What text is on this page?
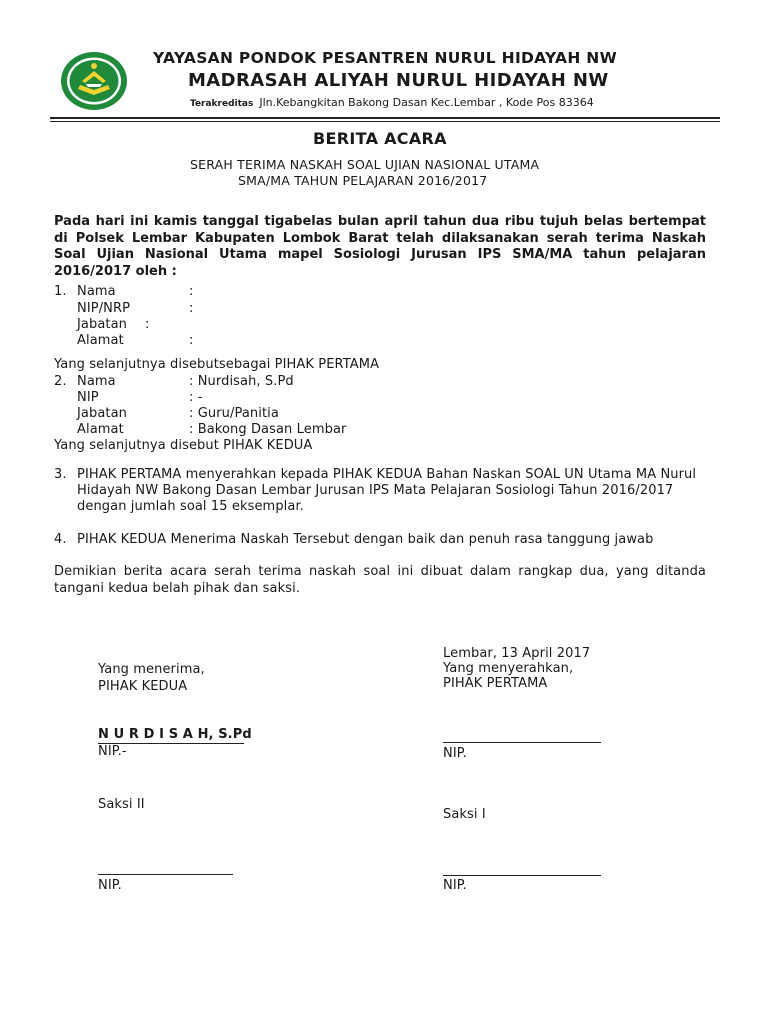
YAYASAN PONDOK PESANTREN NURUL HIDAYAH NW
MADRASAH ALIYAH NURUL HIDAYAH NW
Terakreditas Jln.Kebangkitan Bakong Dasan Kec.Lembar , Kode Pos 83364
BERITA ACARA
SERAH TERIMA NASKAH SOAL UJIAN NASIONAL UTAMA
SMA/MA TAHUN PELAJARAN 2016/2017
Pada hari ini kamis tanggal tigabelas bulan april tahun dua ribu tujuh belas bertempat di Polsek Lembar Kabupaten Lombok Barat telah dilaksanakan serah terima Naskah Soal Ujian Nasional Utama mapel Sosiologi Jurusan IPS SMA/MA tahun pelajaran 2016/2017 oleh :
1. Nama	:
NIP/NRP	:
Jabatan :
Alamat	:
Yang selanjutnya disebutsebagai PIHAK PERTAMA
2. Nama	: Nurdisah, S.Pd
NIP	: -
Jabatan	: Guru/Panitia
Alamat	: Bakong Dasan Lembar
Yang selanjutnya disebut PIHAK KEDUA
3. PIHAK PERTAMA menyerahkan kepada PIHAK KEDUA Bahan Naskan SOAL UN Utama MA Nurul
Hidayah NW Bakong Dasan Lembar Jurusan IPS Mata Pelajaran Sosiologi Tahun 2016/2017
dengan jumlah soal 15 eksemplar.
4. PIHAK KEDUA Menerima Naskah Tersebut dengan baik dan penuh rasa tanggung jawab
Demikian berita acara serah terima naskah soal ini dibuat dalam rangkap dua, yang ditanda tangani kedua belah pihak dan saksi.
Lembar, 13 April 2017
Yang menyerahkan,
PIHAK PERTAMA
Yang menerima,
PIHAK KEDUA
N U R D I S A H, S.Pd
NIP.-	NIP.
Saksi II
Saksi I
NIP.	NIP.
